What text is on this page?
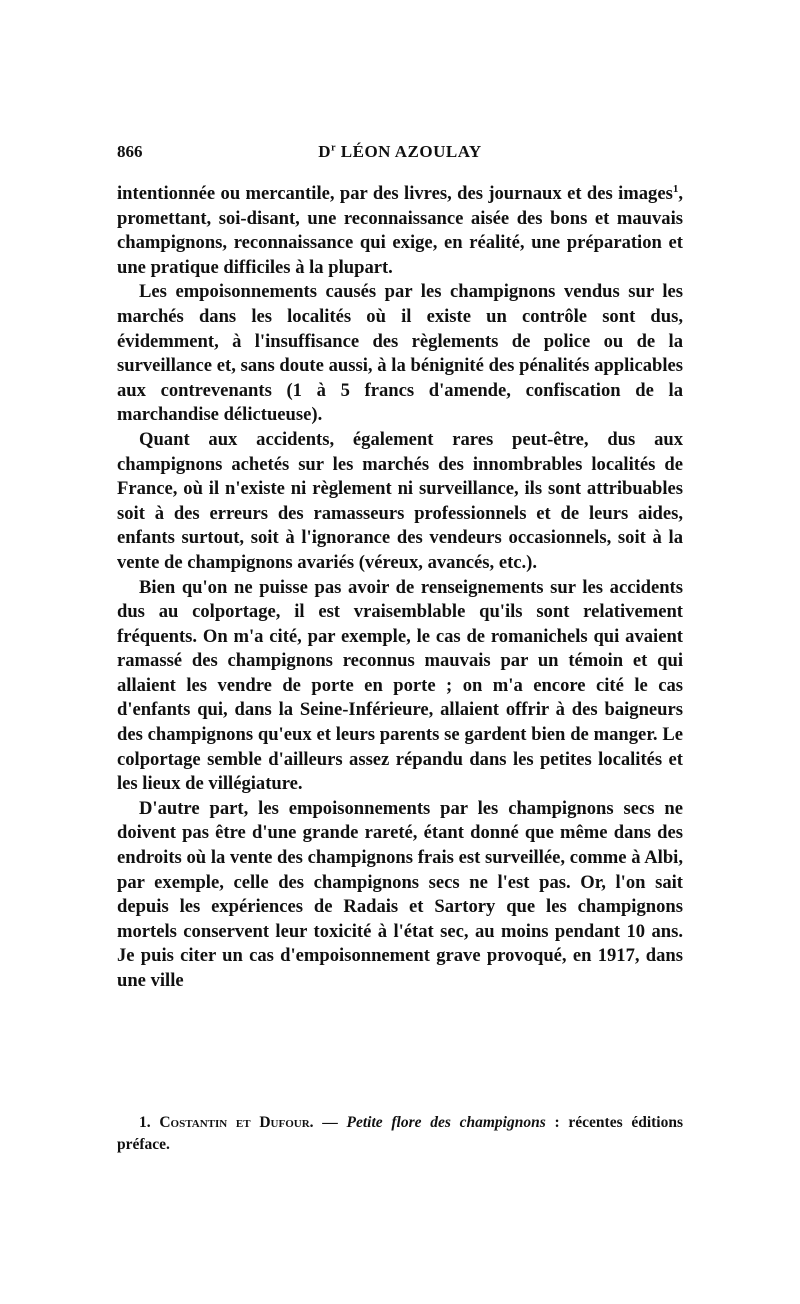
866	$D^r$ LÉON AZOULAY

intentionnée ou mercantile, par des livres, des journaux et des images$^1$, promettant, soi-disant, une reconnaissance aisée des bons et mauvais champignons, reconnaissance qui exige, en réalité, une préparation et une pratique difficiles à la plupart.

Les empoisonnements causés par les champignons vendus sur les marchés dans les localités où il existe un contrôle sont dus, évidemment, à l'insuffisance des règlements de police ou de la surveillance et, sans doute aussi, à la bénignité des pénalités applicables aux contrevenants (1 à 5 francs d'amende, confiscation de la marchandise délictueuse).

Quant aux accidents, également rares peut-être, dus aux champignons achetés sur les marchés des innombrables localités de France, où il n'existe ni règlement ni surveillance, ils sont attribuables soit à des erreurs des ramasseurs professionnels et de leurs aides, enfants surtout, soit à l'ignorance des vendeurs occasionnels, soit à la vente de champignons avariés (véreux, avancés, etc.).

Bien qu'on ne puisse pas avoir de renseignements sur les accidents dus au colportage, il est vraisemblable qu'ils sont relativement fréquents. On m'a cité, par exemple, le cas de romanichels qui avaient ramassé des champignons reconnus mauvais par un témoin et qui allaient les vendre de porte en porte ; on m'a encore cité le cas d'enfants qui, dans la Seine-Inférieure, allaient offrir à des baigneurs des champignons qu'eux et leurs parents se gardent bien de manger. Le colportage semble d'ailleurs assez répandu dans les petites localités et les lieux de villégiature.

D'autre part, les empoisonnements par les champignons secs ne doivent pas être d'une grande rareté, étant donné que même dans des endroits où la vente des champignons frais est surveillée, comme à Albi, par exemple, celle des champignons secs ne l'est pas. Or, l'on sait depuis les expériences de Radais et Sartory que les champignons mortels conservent leur toxicité à l'état sec, au moins pendant 10 ans. Je puis citer un cas d'empoisonnement grave provoqué, en 1917, dans une ville

1. Costantin et Dufour. — Petite flore des champignons : récentes éditions préface.
